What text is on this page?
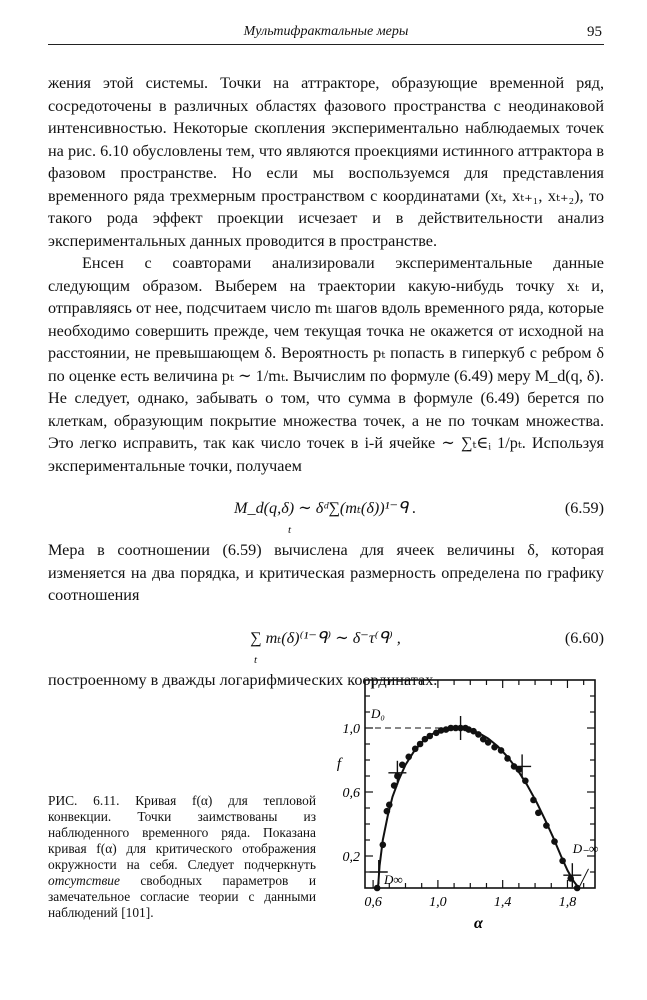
Мультифрактальные меры	95

жения этой системы. Точки на аттракторе, образующие временной ряд, сосредоточены в различных областях фазового пространства с неодинаковой интенсивностью. Некоторые скопления экспериментально наблюдаемых точек на рис. 6.10 обусловлены тем, что являются проекциями истинного аттрактора в фазовом пространстве. Но если мы воспользуемся для представления временного ряда трехмерным пространством с координатами (xₜ, xₜ₊₁, xₜ₊₂), то такого рода эффект проекции исчезает и в действительности анализ экспериментальных данных проводится в пространстве.

Енсен с соавторами анализировали экспериментальные данные следующим образом. Выберем на траектории какую-нибудь точку xₜ и, отправляясь от нее, подсчитаем число mₜ шагов вдоль временного ряда, которые необходимо совершить прежде, чем текущая точка не окажется от исходной на расстоянии, не превышающем δ. Вероятность pₜ попасть в гиперкуб с ребром δ по оценке есть величина pₜ ∼ 1/mₜ. Вычислим по формуле (6.49) меру M_d(q, δ). Не следует, однако, забывать о том, что сумма в формуле (6.49) берется по клеткам, образующим покрытие множества точек, а не по точкам множества. Это легко исправить, так как число точек в i-й ячейке ∼ ∑ₜ∈ᵢ 1/pₜ. Используя экспериментальные точки, получаем

M_d(q,δ) ∼ δᵈ∑(mₜ(δ))¹⁻ᑫ .
t
(6.59)

Мера в соотношении (6.59) вычислена для ячеек величины δ, которая изменяется на два порядка, и критическая размерность определена по графику соотношения

∑ mₜ(δ)⁽¹⁻ᑫ⁾ ∼ δ⁻τ⁽ᑫ⁾ ,
t
(6.60)

построенному в дважды логарифмических координатах.

РИС. 6.11. Кривая f(α) для тепловой конвекции. Точки заимствованы из наблюденного временного ряда. Показана кривая f(α) для критического отображения окружности на себя. Следует подчеркнуть отсутствие свободных параметров и замечательное согласие теории с данными наблюдений [101].
0,6	1,0	1,4	1,8
0,2
0,6
1,0
α
f
D₀
D∞
D₋∞
